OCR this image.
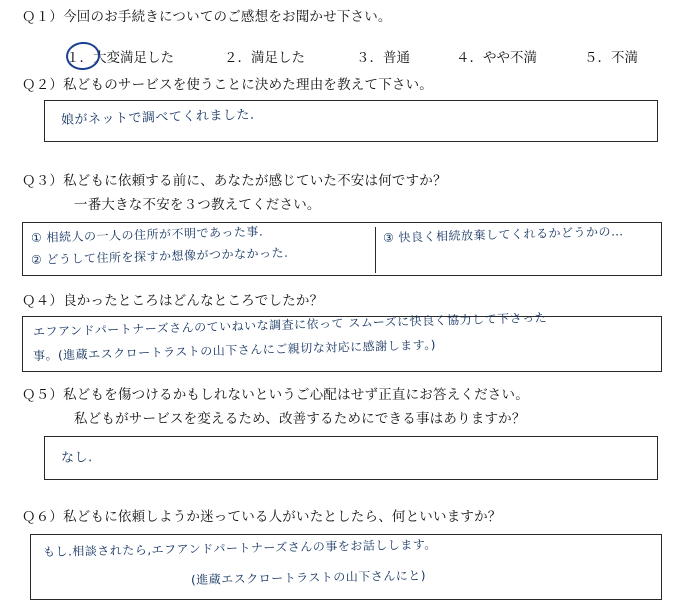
Ｑ１）今回のお手続きについてのご感想をお聞かせ下さい。
１．大変満足した	２．満足した	３．普通	４．やや不満	５．不満
Ｑ２）私どものサービスを使うことに決めた理由を教えて下さい。
娘がネットで調べてくれました.
Ｑ３）私どもに依頼する前に、あなたが感じていた不安は何ですか？
一番大きな不安を３つ教えてください。
① 相続人の一人の住所が不明であった事.
② どうして住所を探すか想像がつかなかった.
③ 快良く相続放棄してくれるかどうかの…
Ｑ４）良かったところはどんなところでしたか？
エフアンドパートナーズさんのていねいな調査に依って スムーズに快良く協力して下さった
事。(進蔵エスクロートラストの山下さんにご親切な対応に感謝します。)
Ｑ５）私どもを傷つけるかもしれないというご心配はせず正直にお答えください。
私どもがサービスを変えるため、改善するためにできる事はありますか？
なし.
Ｑ６）私どもに依頼しようか迷っている人がいたとしたら、何といいますか？
もし.相談されたら,エフアンドパートナーズさんの事をお話しします。
(進蔵エスクロートラストの山下さんにと)
